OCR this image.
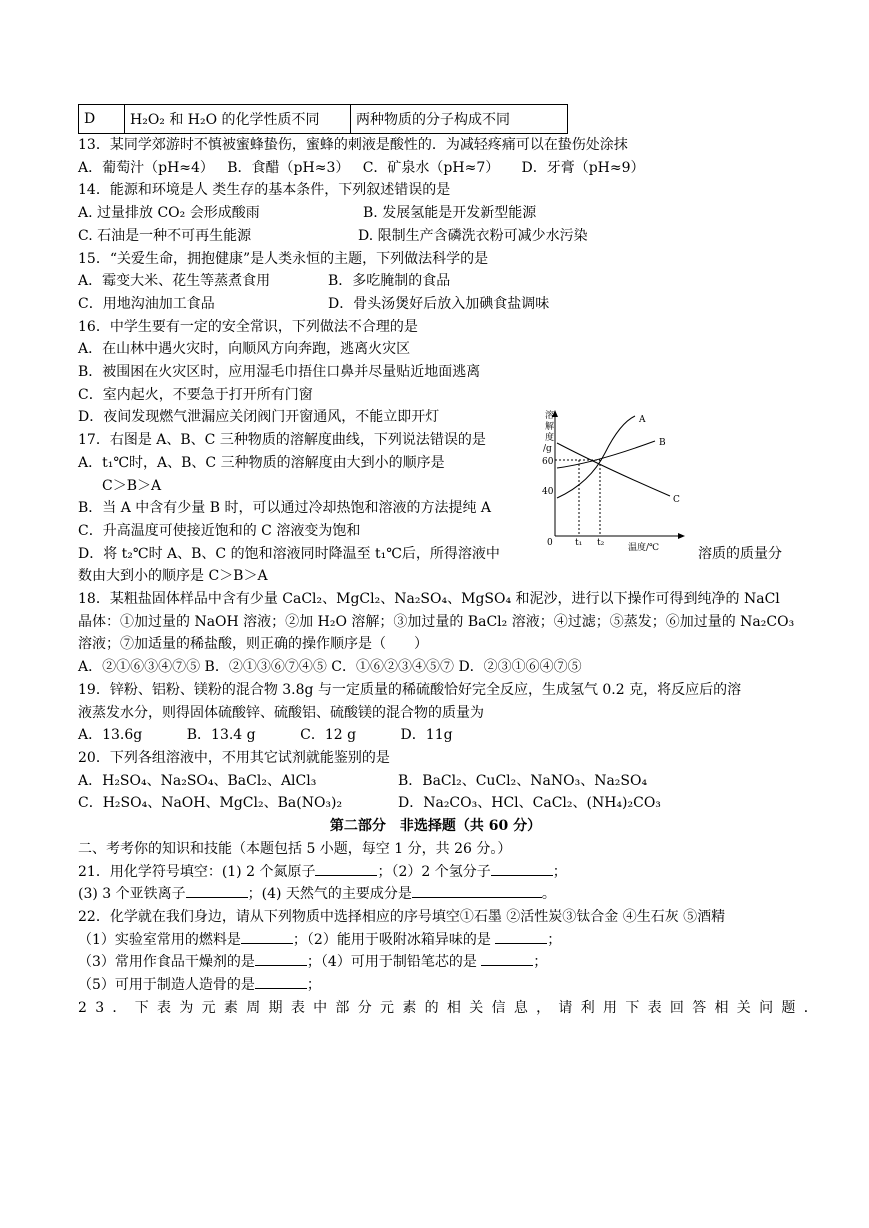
D	H₂O₂ 和 H₂O 的化学性质不同	两种物质的分子构成不同
13．某同学郊游时不慎被蜜蜂蛰伤，蜜蜂的刺液是酸性的．为减轻疼痛可以在蛰伤处涂抹
A．葡萄汁（pH≈4）   B．食醋（pH≈3）   C．矿泉水（pH≈7）     D．牙膏（pH≈9）
14．能源和环境是人 类生存的基本条件，下列叙述错误的是
A. 过量排放 CO₂ 会形成酸雨	B. 发展氢能是开发新型能源
C. 石油是一种不可再生能源	D. 限制生产含磷洗衣粉可减少水污染
15．“关爱生命，拥抱健康”是人类永恒的主题，下列做法科学的是
A．霉变大米、花生等蒸煮食用	B．多吃腌制的食品
C．用地沟油加工食品	D．骨头汤煲好后放入加碘食盐调味
16．中学生要有一定的安全常识，下列做法不合理的是
A．在山林中遇火灾时，向顺风方向奔跑，逃离火灾区
B．被围困在火灾区时，应用湿毛巾捂住口鼻并尽量贴近地面逃离
C．室内起火，不要急于打开所有门窗
D．夜间发现燃气泄漏应关闭阀门开窗通风，不能立即开灯
17．右图是 A、B、C 三种物质的溶解度曲线，下列说法错误的是
A．t₁℃时，A、B、C 三种物质的溶解度由大到小的顺序是
C＞B＞A
B．当 A 中含有少量 B 时，可以通过冷却热饱和溶液的方法提纯 A
C．升高温度可使接近饱和的 C 溶液变为饱和
D．将 t₂℃时 A、B、C 的饱和溶液同时降温至 t₁℃后，所得溶液中	溶质的质量分
数由大到小的顺序是 C＞B＞A
18．某粗盐固体样品中含有少量 CaCl₂、MgCl₂、Na₂SO₄、MgSO₄ 和泥沙，进行以下操作可得到纯净的 NaCl
晶体：①加过量的 NaOH 溶液；②加 H₂O 溶解；③加过量的 BaCl₂ 溶液；④过滤；⑤蒸发；⑥加过量的 Na₂CO₃
溶液；⑦加适量的稀盐酸，则正确的操作顺序是（　　）
A．②①⑥③④⑦⑤ B．②①③⑥⑦④⑤ C．①⑥②③④⑤⑦ D．②③①⑥④⑦⑤
19．锌粉、铝粉、镁粉的混合物 3.8g 与一定质量的稀硫酸恰好完全反应，生成氢气 0.2 克，将反应后的溶
液蒸发水分，则得固体硫酸锌、硫酸铝、硫酸镁的混合物的质量为
A．13.6g          B．13.4 g          C．12 g          D．11g
20．下列各组溶液中，不用其它试剂就能鉴别的是
A．H₂SO₄、Na₂SO₄、BaCl₂、AlCl₃	B．BaCl₂、CuCl₂、NaNO₃、Na₂SO₄
C．H₂SO₄、NaOH、MgCl₂、Ba(NO₃)₂	D．Na₂CO₃、HCl、CaCl₂、(NH₄)₂CO₃
第二部分　非选择题（共 60 分）
二、考考你的知识和技能（本题包括 5 小题，每空 1 分，共 26 分。）
21．用化学符号填空：(1) 2 个氮原子	；（2）2 个氢分子	；
(3) 3 个亚铁离子	；(4) 天然气的主要成分是	。
22．化学就在我们身边，请从下列物质中选择相应的序号填空①石墨 ②活性炭③钛合金 ④生石灰 ⑤酒精
（1）实验室常用的燃料是	；（2）能用于吸附冰箱异味的是	；
（3）常用作食品干燥剂的是	；（4）可用于制铅笔芯的是	；
（5）可用于制造人造骨的是	；
23．下表为元素周期表中部分元素的相关信息，请利用下表回答相关问题．
溶解度/g
60
40
0 t₁ t₂	温度/℃
A
B
C
